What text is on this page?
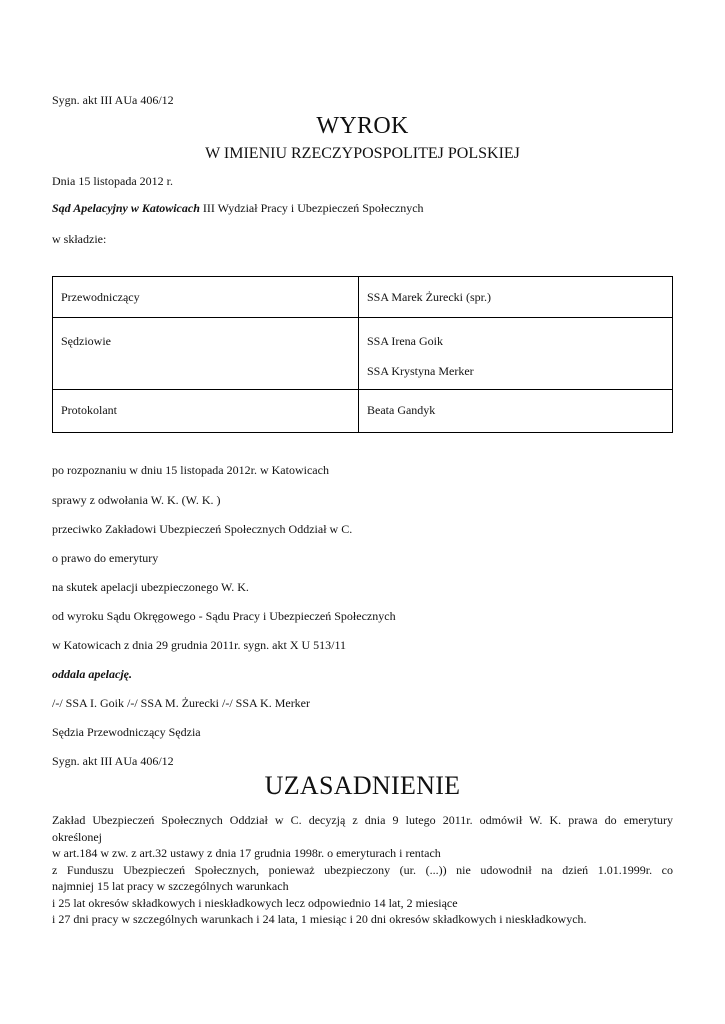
Sygn. akt III AUa 406/12
WYROK
W IMIENIU RZECZYPOSPOLITEJ POLSKIEJ
Dnia 15 listopada 2012 r.
Sąd Apelacyjny w Katowicach III Wydział Pracy i Ubezpieczeń Społecznych
w składzie:
Przewodniczący	SSA Marek Żurecki (spr.)
Sędziowie	SSA Irena Goik
SSA Krystyna Merker

Protokolant	Beata Gandyk
po rozpoznaniu w dniu 15 listopada 2012r. w Katowicach
sprawy z odwołania W. K. (W. K. )
przeciwko Zakładowi Ubezpieczeń Społecznych Oddział w C.
o prawo do emerytury
na skutek apelacji ubezpieczonego W. K.
od wyroku Sądu Okręgowego - Sądu Pracy i Ubezpieczeń Społecznych
w Katowicach z dnia 29 grudnia 2011r. sygn. akt X U 513/11
oddala apelację.
/-/ SSA I. Goik /-/ SSA M. Żurecki /-/ SSA K. Merker
Sędzia Przewodniczący Sędzia
Sygn. akt III AUa 406/12
UZASADNIENIE
Zakład Ubezpieczeń Społecznych Oddział w C. decyzją z dnia 9 lutego 2011r. odmówił W. K. prawa do emerytury
określonej
w art.184 w zw. z art.32 ustawy z dnia 17 grudnia 1998r. o emeryturach i rentach
z Funduszu Ubezpieczeń Społecznych, ponieważ ubezpieczony (ur. (...)) nie udowodnił na dzień 1.01.1999r. co
najmniej 15 lat pracy w szczególnych warunkach
i 25 lat okresów składkowych i nieskładkowych lecz odpowiednio 14 lat, 2 miesiące
i 27 dni pracy w szczególnych warunkach i 24 lata, 1 miesiąc i 20 dni okresów składkowych i nieskładkowych.
